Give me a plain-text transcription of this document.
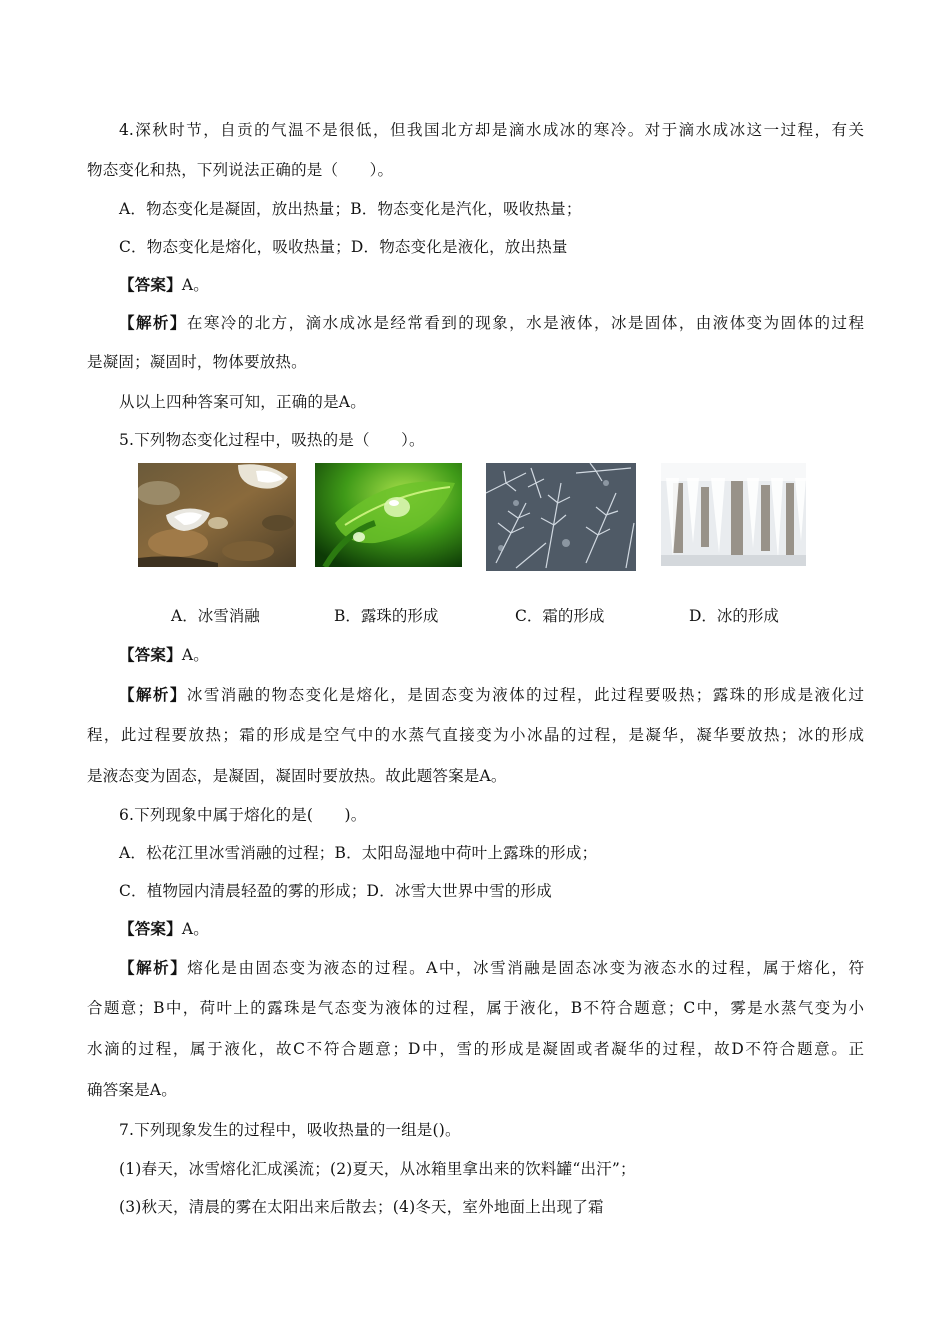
4.深秋时节，自贡的气温不是很低，但我国北方却是滴水成冰的寒冷。对于滴水成冰这一过程，有关
物态变化和热，下列说法正确的是（　　）。
A．物态变化是凝固，放出热量；B．物态变化是汽化，吸收热量；
C．物态变化是熔化，吸收热量；D．物态变化是液化，放出热量
【答案】A。
【解析】在寒冷的北方，滴水成冰是经常看到的现象，水是液体，冰是固体，由液体变为固体的过程
是凝固；凝固时，物体要放热。
从以上四种答案可知，正确的是A。
5.下列物态变化过程中，吸热的是（　　）。
A．冰雪消融	B．露珠的形成	C．霜的形成	D．冰的形成
【答案】A。
【解析】冰雪消融的物态变化是熔化，是固态变为液体的过程，此过程要吸热；露珠的形成是液化过
程，此过程要放热；霜的形成是空气中的水蒸气直接变为小冰晶的过程，是凝华，凝华要放热；冰的形成
是液态变为固态，是凝固，凝固时要放热。故此题答案是A。
6.下列现象中属于熔化的是(　　)。
A．松花江里冰雪消融的过程；B．太阳岛湿地中荷叶上露珠的形成；
C．植物园内清晨轻盈的雾的形成；D．冰雪大世界中雪的形成
【答案】A。
【解析】熔化是由固态变为液态的过程。A中，冰雪消融是固态冰变为液态水的过程，属于熔化，符
合题意；B中，荷叶上的露珠是气态变为液体的过程，属于液化，B不符合题意；C中，雾是水蒸气变为小
水滴的过程，属于液化，故C不符合题意；D中，雪的形成是凝固或者凝华的过程，故D不符合题意。正
确答案是A。
7.下列现象发生的过程中，吸收热量的一组是()。
(1)春天，冰雪熔化汇成溪流；(2)夏天，从冰箱里拿出来的饮料罐“出汗”；
(3)秋天，清晨的雾在太阳出来后散去；(4)冬天，室外地面上出现了霜
